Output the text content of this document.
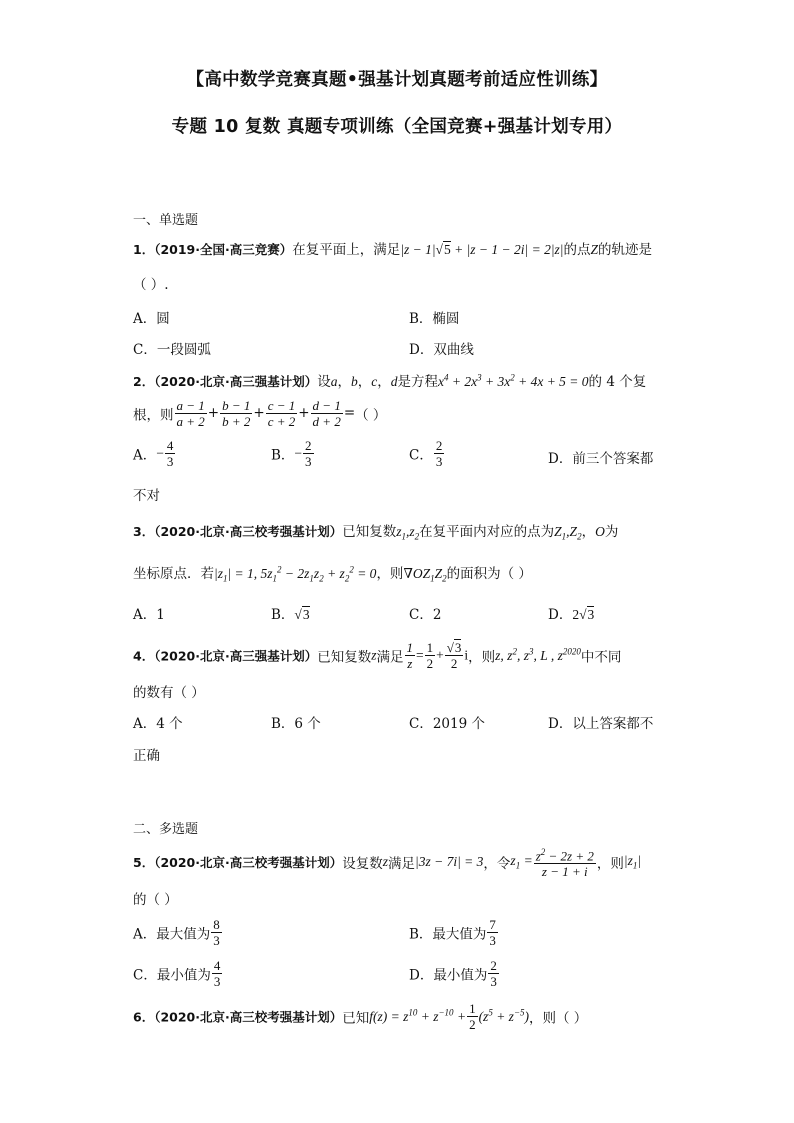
【高中数学竞赛真题•强基计划真题考前适应性训练】
专题 10 复数 真题专项训练（全国竞赛+强基计划专用）
一、单选题
1．（2019·全国·高三竞赛）在复平面上，满足|z − 1|√5 + |z − 1 − 2i| = 2|z|的点Z的轨迹是
（ ）.
A．圆	B．椭圆
C．一段圆弧	D．双曲线
2．（2020·北京·高三强基计划）设a，b，c，d是方程$x^4 + 2x^3 + 3x^2 + 4x + 5 = 0$的 4 个复
根，则 $\frac{a - 1}{a + 2} + \frac{b - 1}{b + 2} + \frac{c - 1}{c + 2} + \frac{d - 1}{d + 2}$ =（ ）
A．− $\frac{4}{3}$	B．− $\frac{2}{3}$	C． $\frac{2}{3}$	D．前三个答案都
不对
3．（2020·北京·高三校考强基计划）已知复数$z_1,z_2$在复平面内对应的点为$Z_1,Z_2$，O为
坐标原点．若$|z_1| = 1$, $5z_1^2 - 2z_1z_2 + z_2^2 = 0$，则$\nabla OZ_1Z_2$的面积为（ ）
A．1	B．√3	C．2	D．2√3
4．（2020·北京·高三强基计划）已知复数z满足 $\frac{1}{z} = \frac{1}{2} + \frac{√3}{2}$ i，则z, $z^2$, $z^3$, L , $z^{2020}$中不同
的数有（ ）
A．4 个	B．6 个	C．2019 个	D．以上答案都不
正确
二、多选题
5．（2020·北京·高三校考强基计划）设复数z满足|3z − 7i| = 3，令$z_1 = \frac{z^2 - 2z + 2}{z - 1 + i}$ ，则$|z_1|$
的（ ）
A．最大值为 $\frac{8}{3}$	B．最大值为 $\frac{7}{3}$
C．最小值为 $\frac{4}{3}$	D．最小值为 $\frac{2}{3}$
6．（2020·北京·高三校考强基计划）已知$f(z) = z^{10} + z^{-10} + \frac{1}{2} (z^5 + z^{-5})$，则（ ）
